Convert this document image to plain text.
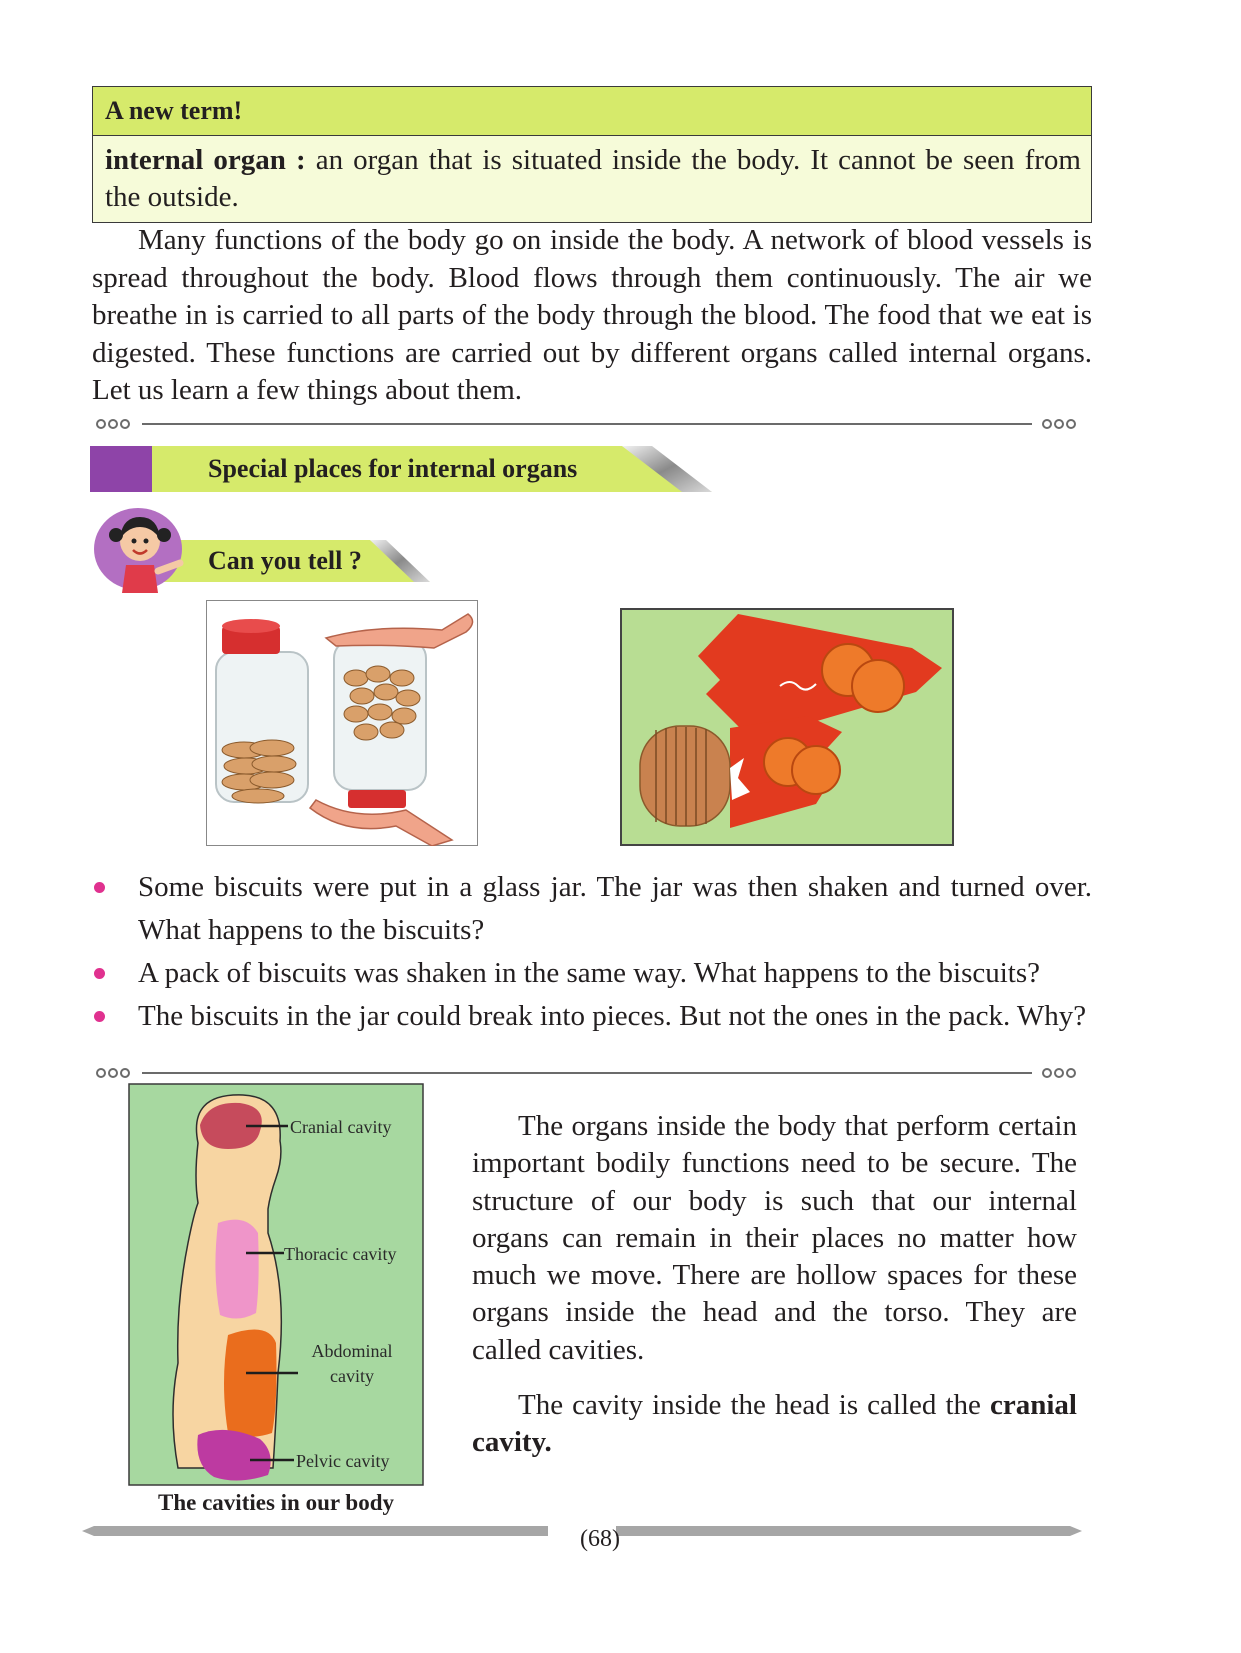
A new term!
internal organ : an organ that is situated inside the body. It cannot be seen from the outside.
Many functions of the body go on inside the body. A network of blood vessels is spread throughout the body. Blood flows through them continuously. The air we breathe in is carried to all parts of the body through the blood. The food that we eat is digested. These functions are carried out by different organs called internal organs. Let us learn a few things about them.
Special places for internal organs
Can you tell ?
Some biscuits were put in a glass jar. The jar was then shaken and turned over. What happens to the biscuits?
A pack of biscuits was shaken in the same way. What happens to the biscuits?
The biscuits in the jar could break into pieces. But not the ones in the pack. Why?
Cranial cavity
Thoracic cavity
Abdominal
cavity
Pelvic cavity
The cavities in our body

The organs inside the body that perform certain important bodily functions need to be secure. The structure of our body is such that our internal organs can remain in their places no matter how much we move. There are hollow spaces for these organs inside the head and the torso. They are called cavities.

The cavity inside the head is called the cranial cavity.

(68)
